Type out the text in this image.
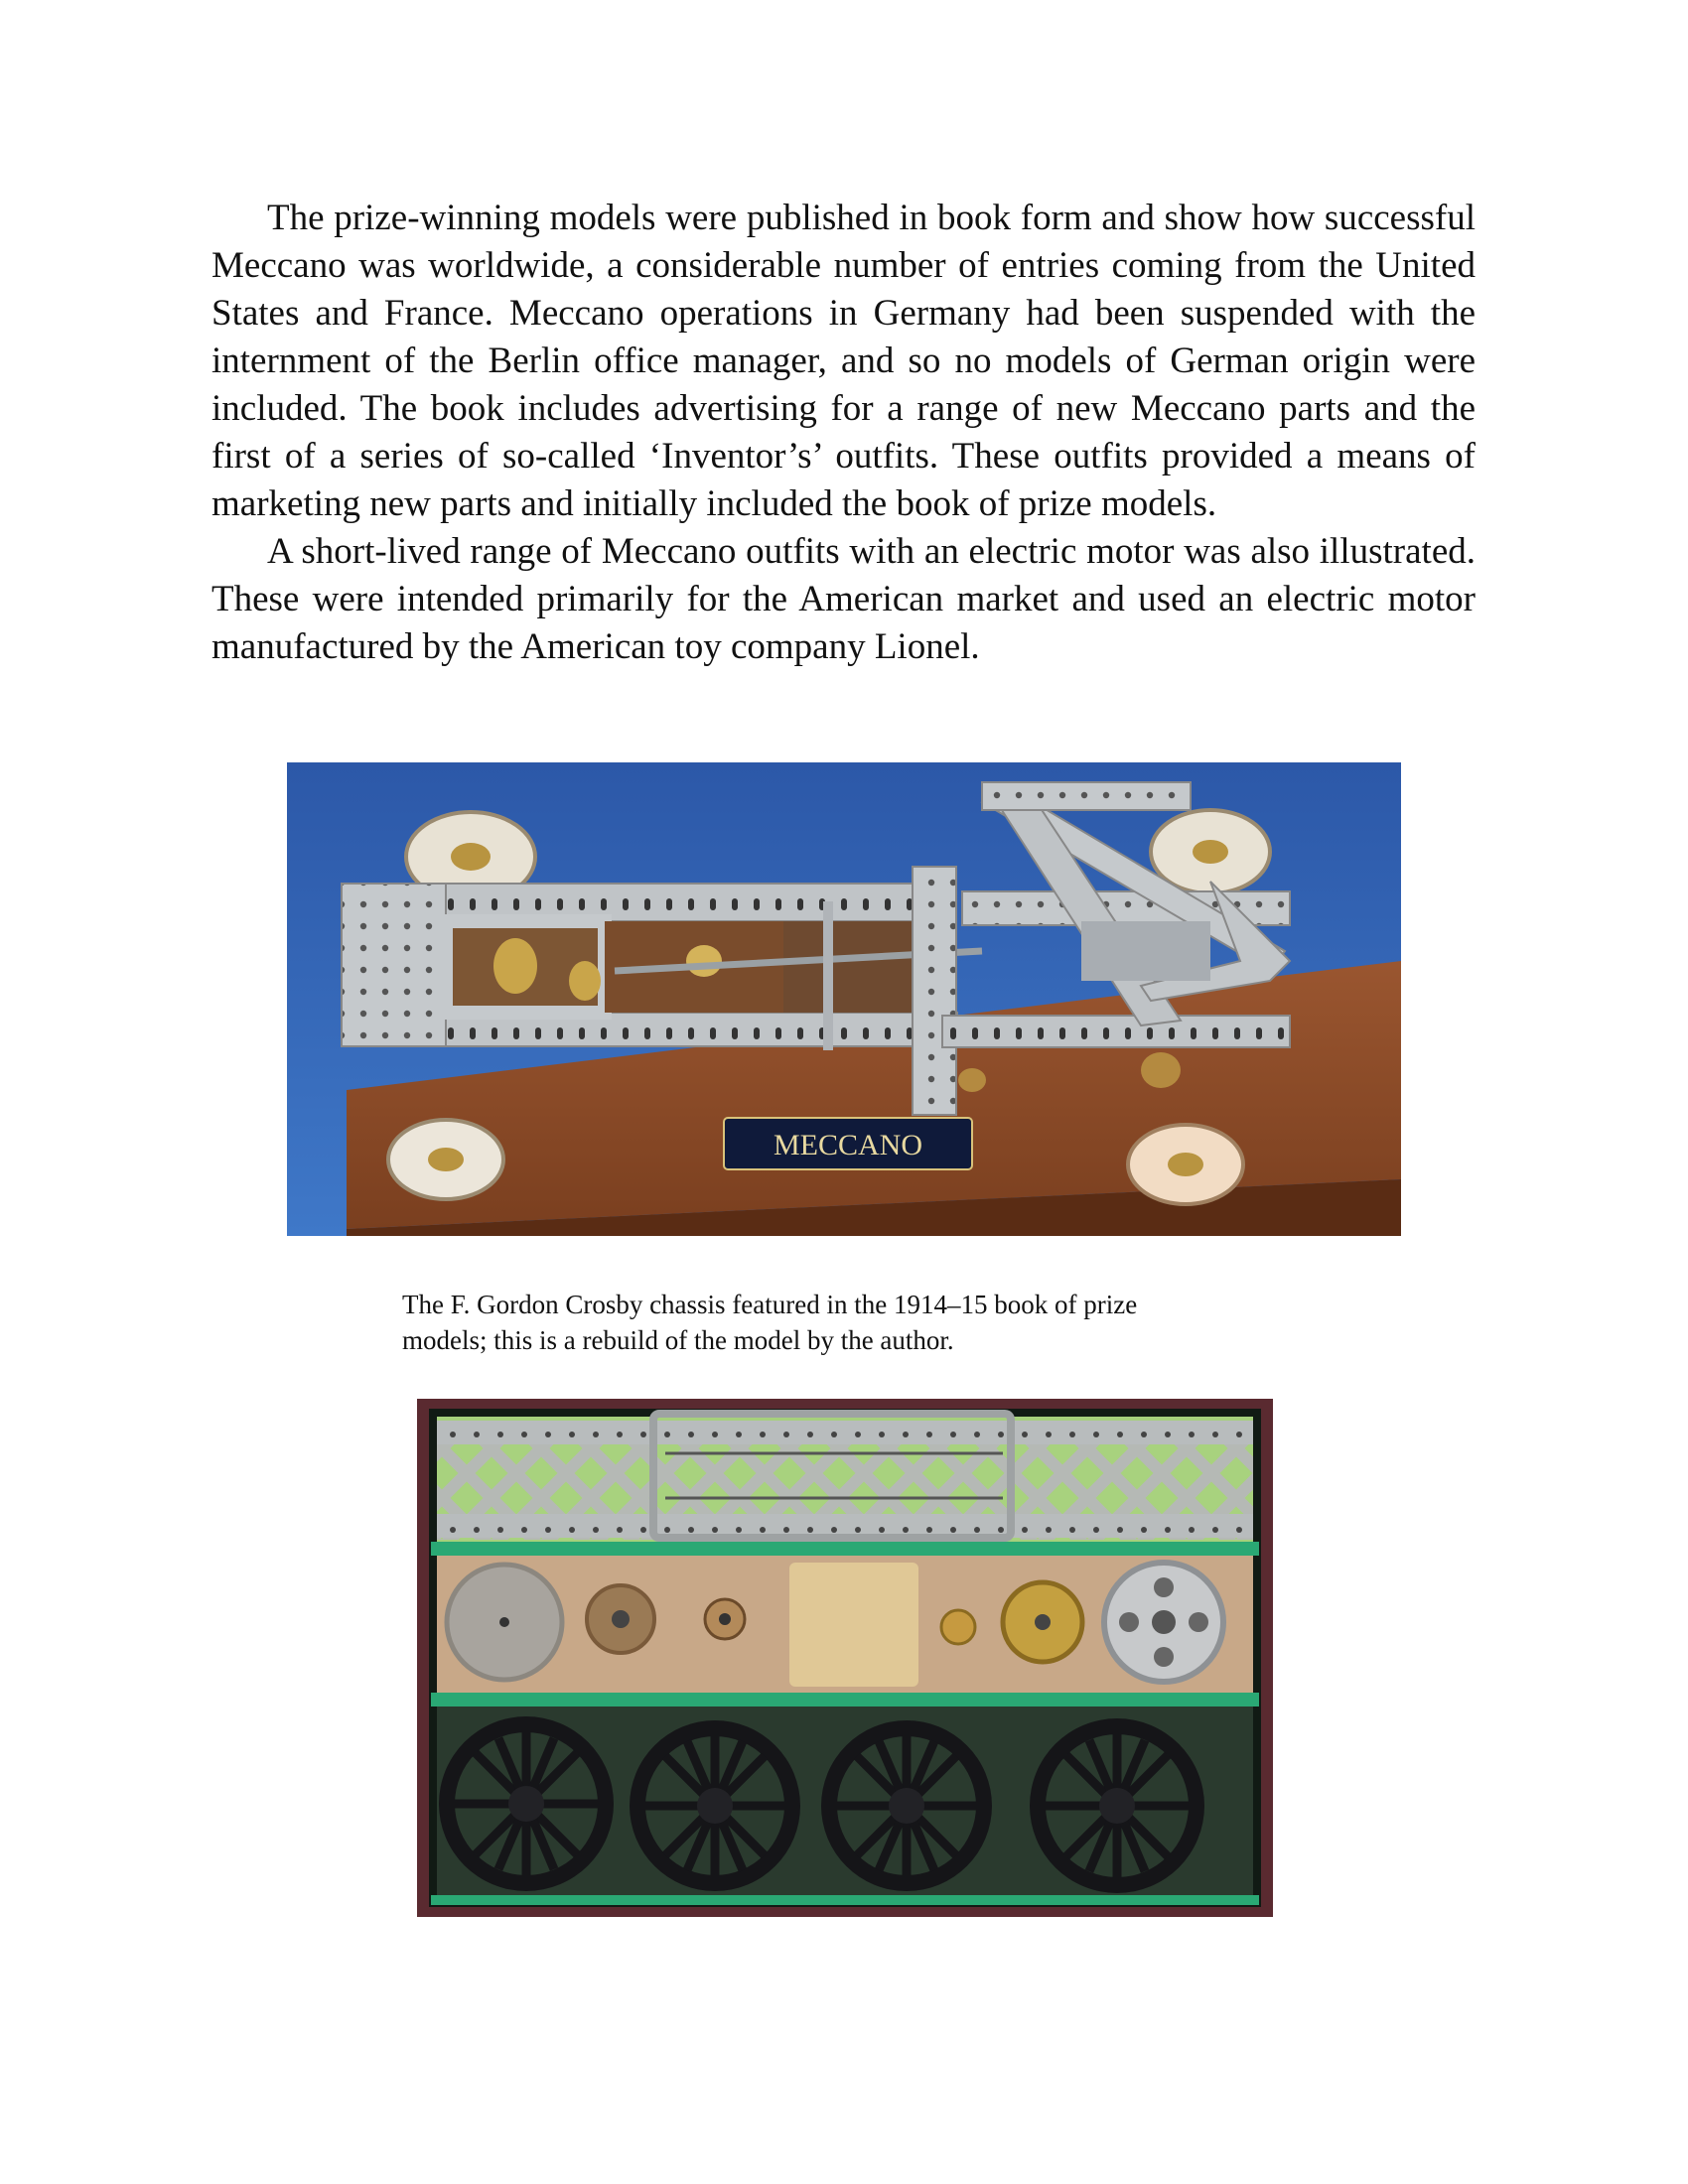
The prize-winning models were published in book form and show how successful Meccano was worldwide, a considerable number of entries coming from the United States and France. Meccano operations in Germany had been suspended with the internment of the Berlin office manager, and so no models of German origin were included. The book includes advertising for a range of new Meccano parts and the first of a series of so-called ‘Inventor’s’ outfits. These outfits provided a means of marketing new parts and initially included the book of prize models.

A short-lived range of Meccano outfits with an electric motor was also illustrated. These were intended primarily for the American market and used an electric motor manufactured by the American toy company Lionel.

MECCANO
The F. Gordon Crosby chassis featured in the 1914–15 book of prize
models; this is a rebuild of the model by the author.
